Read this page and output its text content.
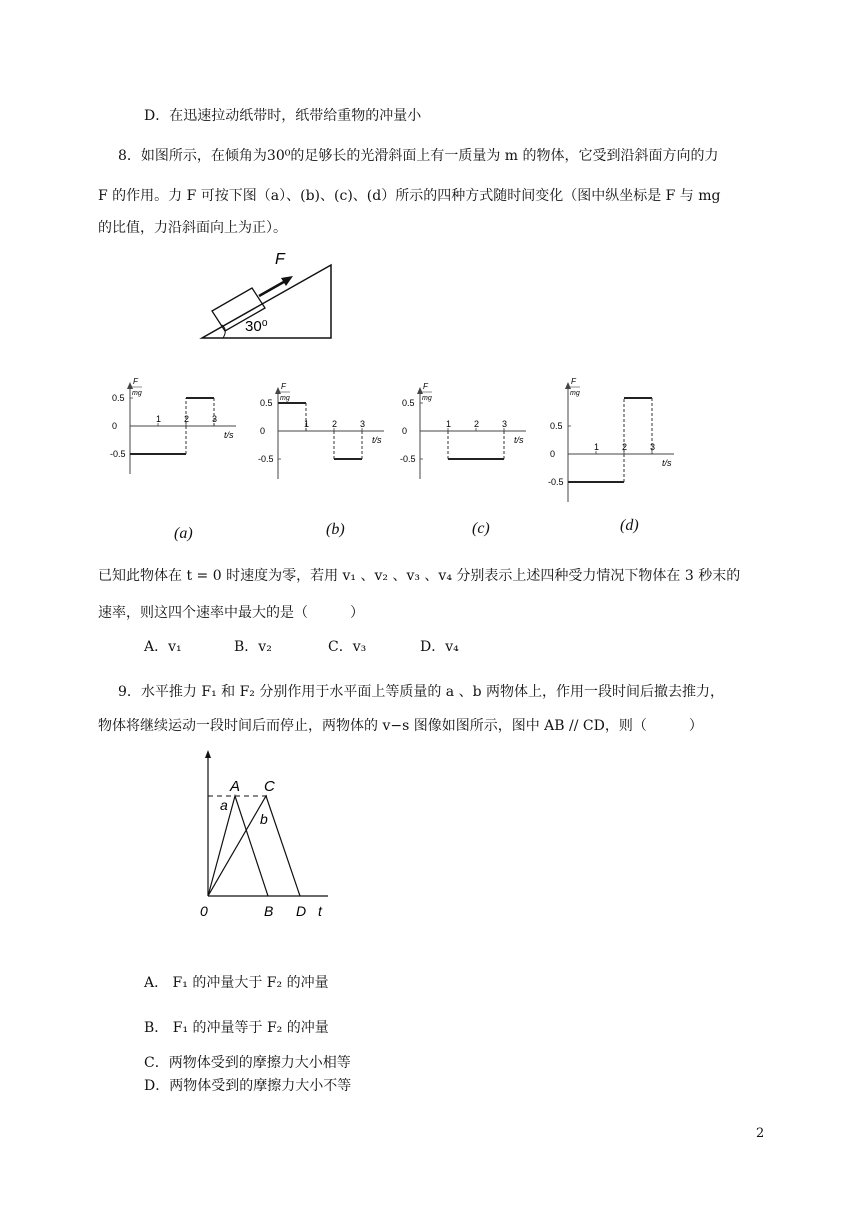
D．在迅速拉动纸带时，纸带给重物的冲量小
8．如图所示，在倾角为30⁰的足够长的光滑斜面上有一质量为 m 的物体，它受到沿斜面方向的力
F 的作用。力 F 可按下图（a）、(b)、(c)、(d）所示的四种方式随时间变化（图中纵坐标是 F 与 mg
的比值，力沿斜面向上为正）。
F
30⁰
F
mg
0.5
0
-0.5
1	2	3
t/s
F
mg
0.5
0
-0.5
1	2	3
t/s
F
mg
0.5
0
-0.5
1	2	3
t/s
F
mg
0.5
0
-0.5
1	2	3
t/s
(a)	(b)	(c)	(d)
已知此物体在 t = 0 时速度为零，若用 v₁ 、v₂ 、v₃ 、v₄ 分别表示上述四种受力情况下物体在 3 秒末的
速率，则这四个速率中最大的是（　　　）
A．v₁	B．v₂	C．v₃	D．v₄
9．水平推力 F₁ 和 F₂ 分别作用于水平面上等质量的 a 、b 两物体上，作用一段时间后撤去推力，
物体将继续运动一段时间后而停止，两物体的 v−s 图像如图所示，图中 AB // CD，则（　　　）
A C
a
b
0	B D t
A． F₁ 的冲量大于 F₂ 的冲量
B． F₁ 的冲量等于 F₂ 的冲量
C．两物体受到的摩擦力大小相等
D．两物体受到的摩擦力大小不等
2
